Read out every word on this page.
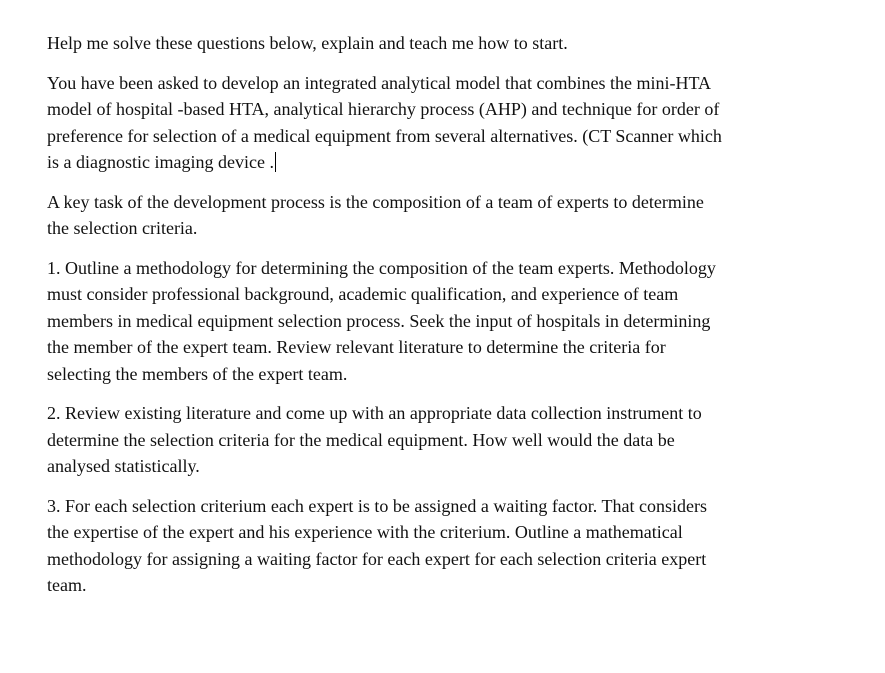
Help me solve these questions below, explain and teach me how to start.

You have been asked to develop an integrated analytical model that combines the mini-HTA
model of hospital -based HTA, analytical hierarchy process (AHP) and technique for order of
preference for selection of a medical equipment from several alternatives. (CT Scanner which
is a diagnostic imaging device .

A key task of the development process is the composition of a team of experts to determine
the selection criteria.

1. Outline a methodology for determining the composition of the team experts. Methodology
must consider professional background, academic qualification, and experience of team
members in medical equipment selection process. Seek the input of hospitals in determining
the member of the expert team. Review relevant literature to determine the criteria for
selecting the members of the expert team.

2. Review existing literature and come up with an appropriate data collection instrument to
determine the selection criteria for the medical equipment. How well would the data be
analysed statistically.

3. For each selection criterium each expert is to be assigned a waiting factor. That considers
the expertise of the expert and his experience with the criterium. Outline a mathematical
methodology for assigning a waiting factor for each expert for each selection criteria expert
team.
